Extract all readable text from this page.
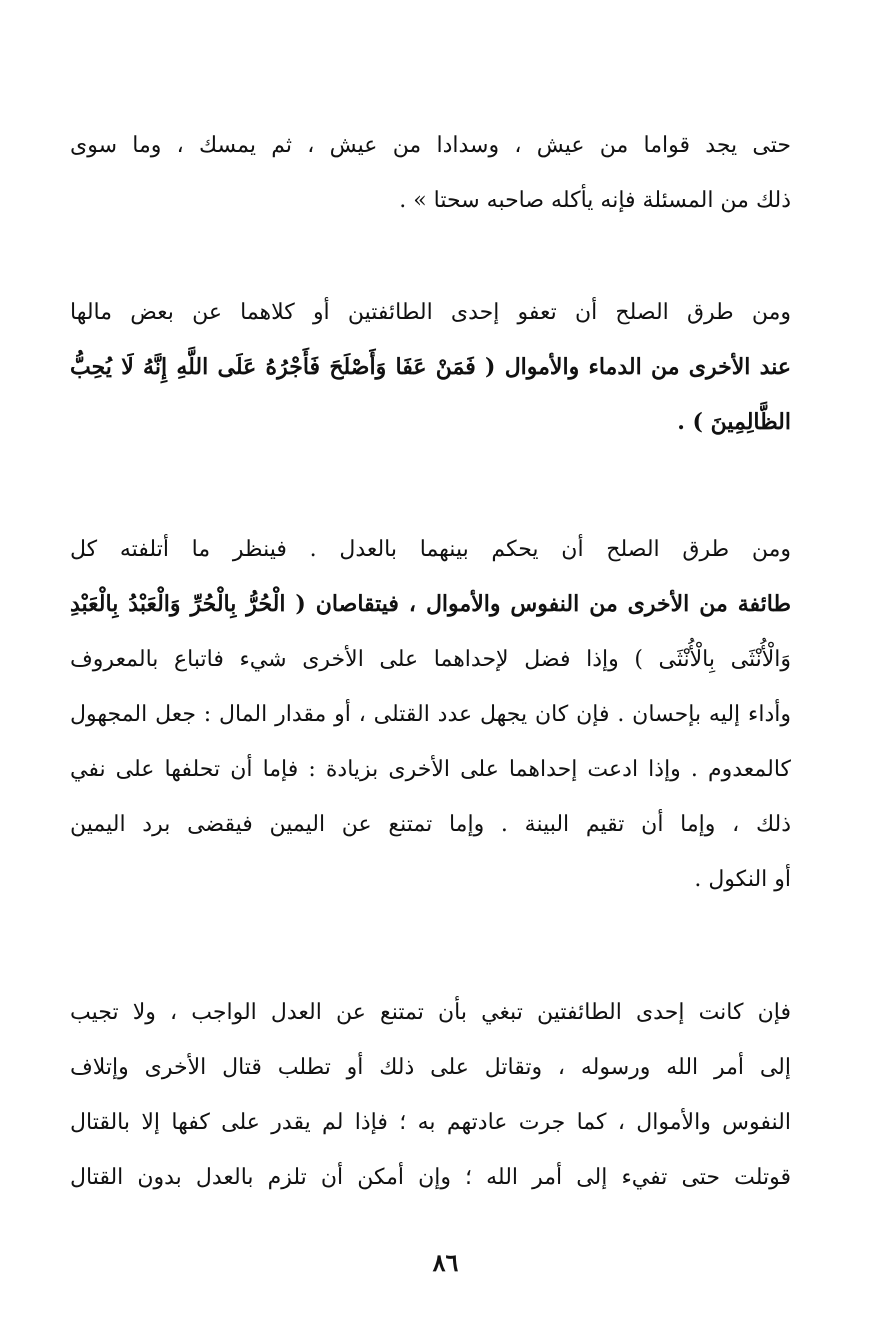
حتى يجد قواما من عيش ، وسدادا من عيش ، ثم يمسك ، وما سوى
ذلك من المسئلة فإنه يأكله صاحبه سحتا » .
ومن طرق الصلح أن تعفو إحدى الطائفتين أو كلاهما عن بعض مالها
عند الأخرى من الدماء والأموال ( فَمَنْ عَفَا وَأَصْلَحَ فَأَجْرُهُ عَلَى اللَّهِ إِنَّهُ لَا يُحِبُّ
الظَّالِمِينَ ) .
ومن طرق الصلح أن يحكم بينهما بالعدل . فينظر ما أتلفته كل
طائفة من الأخرى من النفوس والأموال ، فيتقاصان ( الْحُرُّ بِالْحُرِّ وَالْعَبْدُ بِالْعَبْدِ
وَالْأُنْثَى بِالْأُنْثَى ) وإذا فضل لإحداهما على الأخرى شيء فاتباع بالمعروف
وأداء إليه بإحسان . فإن كان يجهل عدد القتلى ، أو مقدار المال : جعل المجهول
كالمعدوم . وإذا ادعت إحداهما على الأخرى بزيادة : فإما أن تحلفها على نفي
ذلك ، وإما أن تقيم البينة . وإما تمتنع عن اليمين فيقضى برد اليمين
أو النكول .
فإن كانت إحدى الطائفتين تبغي بأن تمتنع عن العدل الواجب ، ولا تجيب
إلى أمر الله ورسوله ، وتقاتل على ذلك أو تطلب قتال الأخرى وإتلاف
النفوس والأموال ، كما جرت عادتهم به ؛ فإذا لم يقدر على كفها إلا بالقتال
قوتلت حتى تفيء إلى أمر الله ؛ وإن أمكن أن تلزم بالعدل بدون القتال
٨٦
